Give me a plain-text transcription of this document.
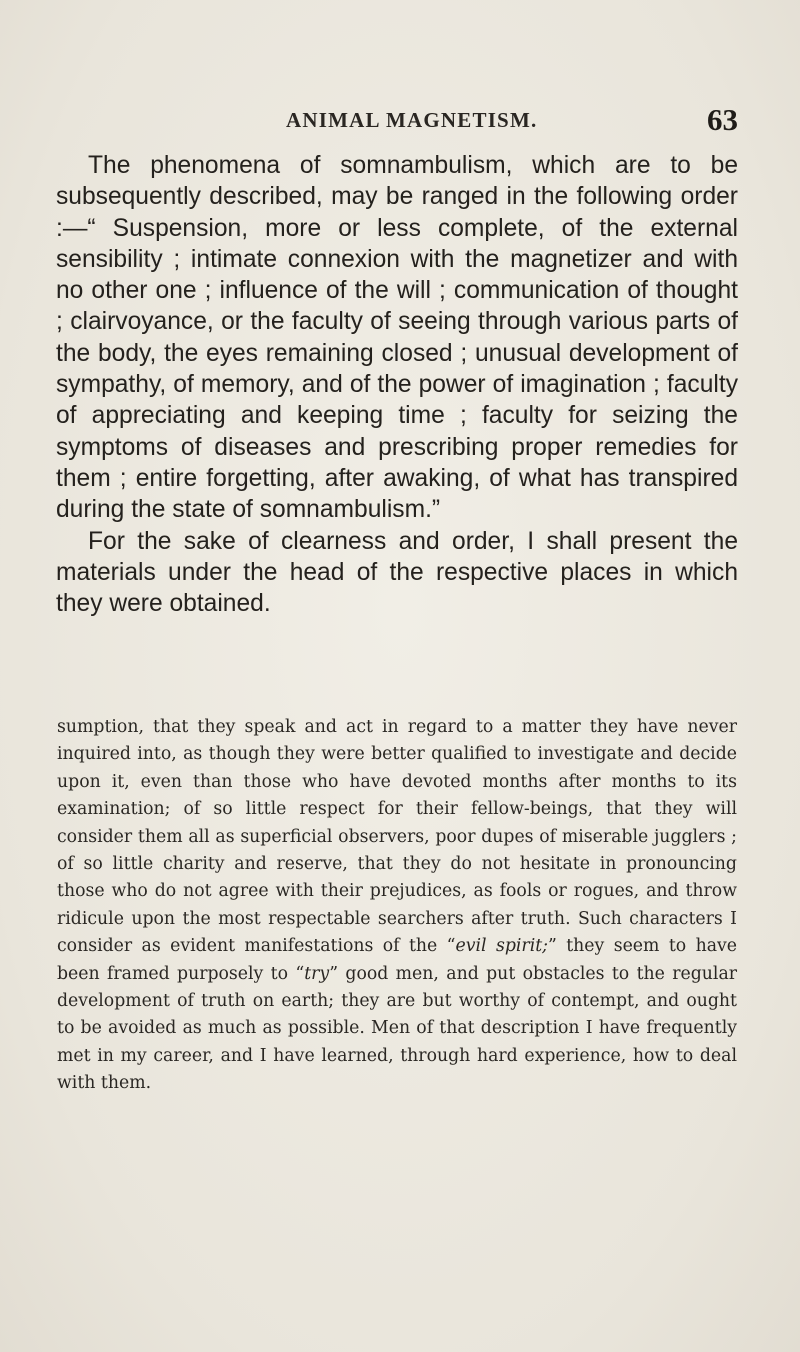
ANIMAL MAGNETISM.	63

The phenomena of somnambulism, which are to be subsequently described, may be ranged in the following order :—“ Suspension, more or less complete, of the external sensibility ; intimate connexion with the magnetizer and with no other one ; influence of the will ; communication of thought ; clairvoyance, or the faculty of seeing through various parts of the body, the eyes remaining closed ; unusual development of sympathy, of memory, and of the power of imagination ; faculty of appreciating and keeping time ; faculty for seizing the symptoms of diseases and prescribing proper remedies for them ; entire forgetting, after awaking, of what has transpired during the state of somnambulism.”

For the sake of clearness and order, I shall present the materials under the head of the respective places in which they were obtained.

sumption, that they speak and act in regard to a matter they have never inquired into, as though they were better qualified to investigate and decide upon it, even than those who have devoted months after months to its examination; of so little respect for their fellow-beings, that they will consider them all as superficial observers, poor dupes of miserable jugglers ; of so little charity and reserve, that they do not hesitate in pronouncing those who do not agree with their prejudices, as fools or rogues, and throw ridicule upon the most respectable searchers after truth. Such characters I consider as evident manifestations of the “evil spirit;” they seem to have been framed purposely to “try” good men, and put obstacles to the regular development of truth on earth; they are but worthy of contempt, and ought to be avoided as much as possible. Men of that description I have frequently met in my career, and I have learned, through hard experience, how to deal with them.
